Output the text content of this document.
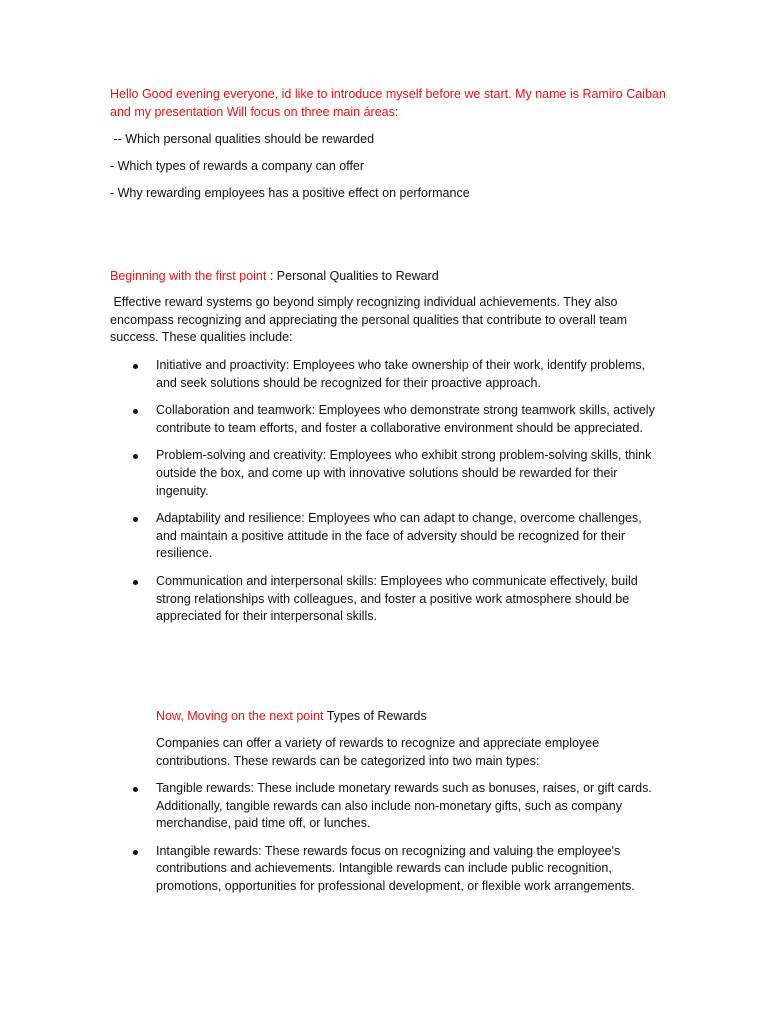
Hello Good evening everyone, id like to introduce myself before we start. My name is Ramiro Caiban and my presentation Will focus on three main áreas:

-- Which personal qualities should be rewarded

- Which types of rewards a company can offer

- Why rewarding employees has a positive effect on performance

Beginning with the first point : Personal Qualities to Reward

Effective reward systems go beyond simply recognizing individual achievements. They also encompass recognizing and appreciating the personal qualities that contribute to overall team success. These qualities include:

Initiative and proactivity: Employees who take ownership of their work, identify problems, and seek solutions should be recognized for their proactive approach.
Collaboration and teamwork: Employees who demonstrate strong teamwork skills, actively contribute to team efforts, and foster a collaborative environment should be appreciated.
Problem-solving and creativity: Employees who exhibit strong problem-solving skills, think outside the box, and come up with innovative solutions should be rewarded for their ingenuity.
Adaptability and resilience: Employees who can adapt to change, overcome challenges, and maintain a positive attitude in the face of adversity should be recognized for their resilience.
Communication and interpersonal skills: Employees who communicate effectively, build strong relationships with colleagues, and foster a positive work atmosphere should be appreciated for their interpersonal skills.

Now, Moving on the next point Types of Rewards

Companies can offer a variety of rewards to recognize and appreciate employee contributions. These rewards can be categorized into two main types:

Tangible rewards: These include monetary rewards such as bonuses, raises, or gift cards. Additionally, tangible rewards can also include non-monetary gifts, such as company merchandise, paid time off, or lunches.
Intangible rewards: These rewards focus on recognizing and valuing the employee's contributions and achievements. Intangible rewards can include public recognition, promotions, opportunities for professional development, or flexible work arrangements.
